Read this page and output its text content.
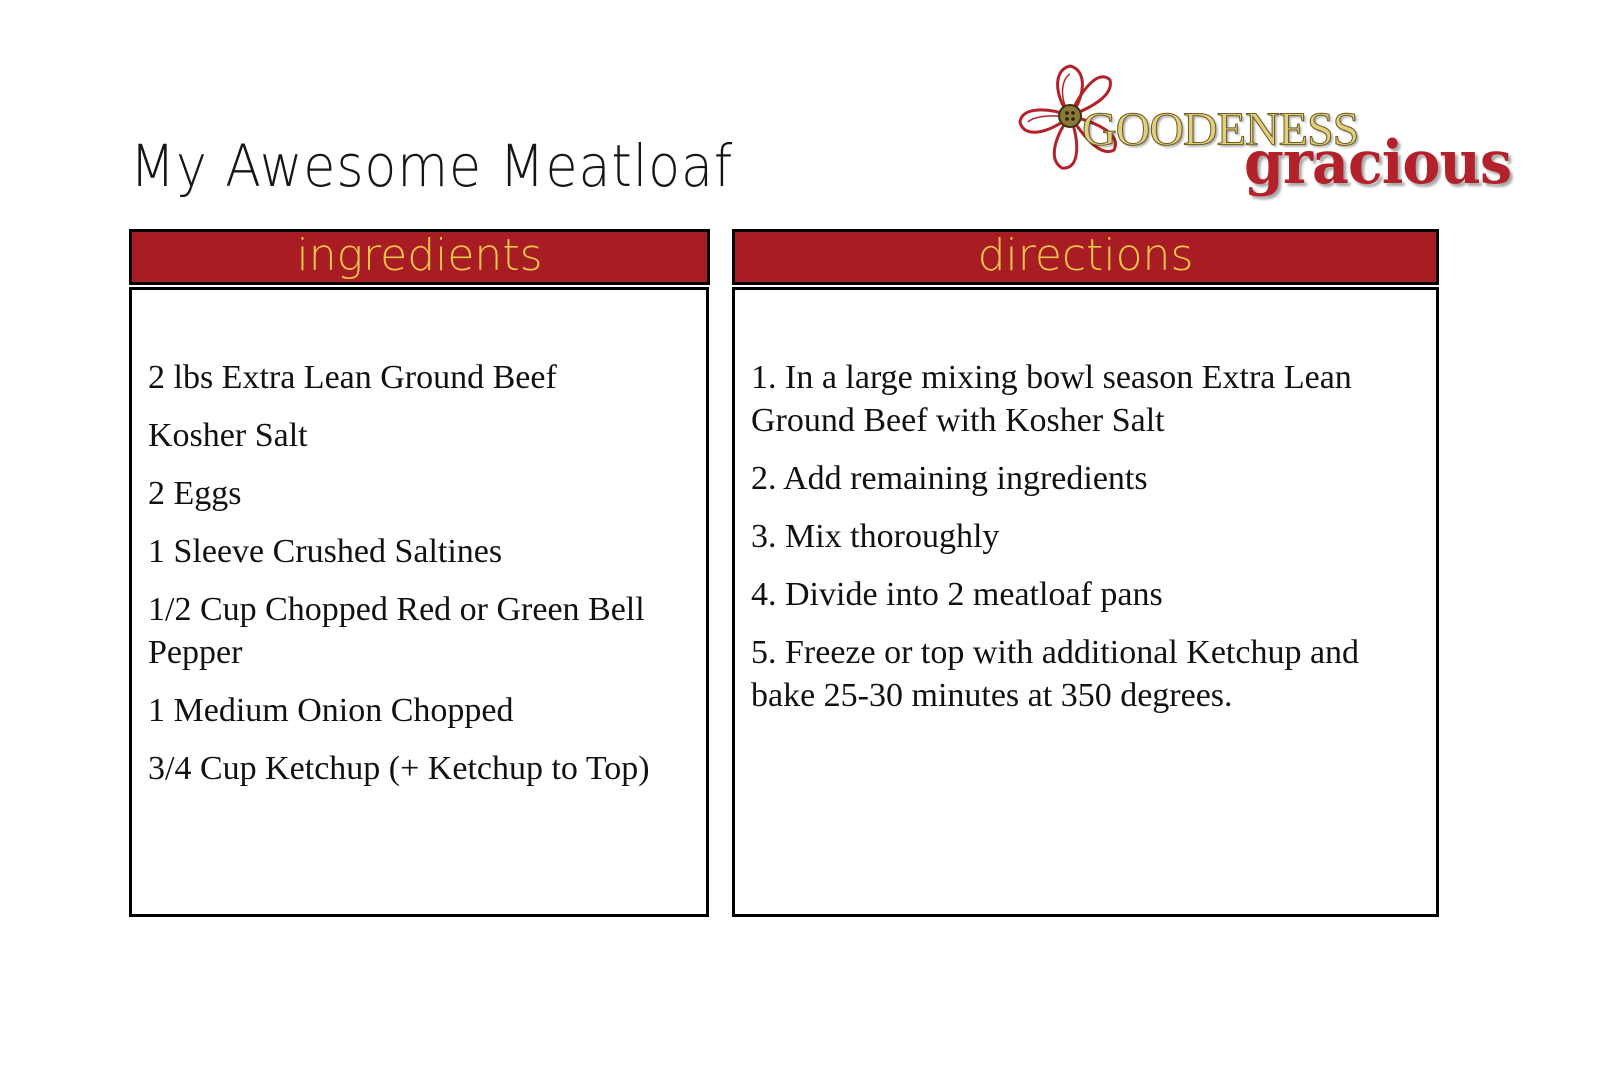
My Awesome Meatloaf
GOODENESS
gracious
ingredients
2 lbs Extra Lean Ground Beef
Kosher Salt
2 Eggs
1 Sleeve Crushed Saltines
1/2 Cup Chopped Red or Green Bell Pepper
1 Medium Onion Chopped
3/4 Cup Ketchup (+ Ketchup to Top)
directions
1. In a large mixing bowl season Extra Lean Ground Beef with Kosher Salt
2. Add remaining ingredients
3. Mix thoroughly
4. Divide into 2 meatloaf pans
5. Freeze or top with additional Ketchup and bake 25-30 minutes at 350 degrees.
